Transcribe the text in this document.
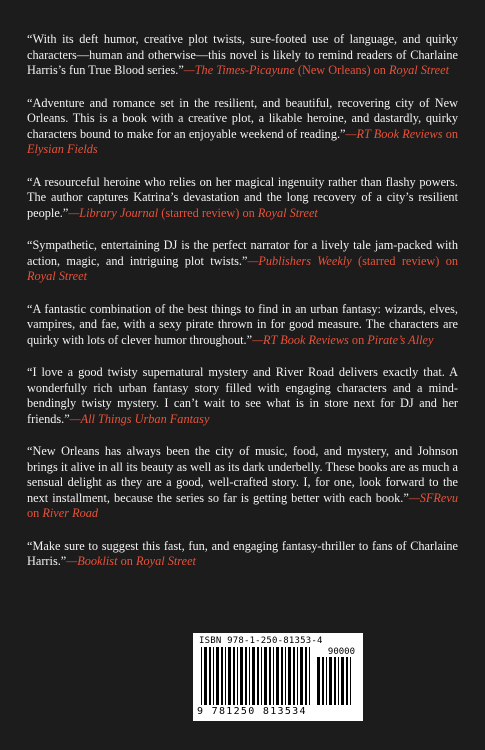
“With its deft humor, creative plot twists, sure-footed use of language, and quirky characters—human and otherwise—this novel is likely to remind readers of Charlaine Harris’s fun True Blood series.”—The Times-Picayune (New Orleans) on Royal Street

“Adventure and romance set in the resilient, and beautiful, recovering city of New Orleans. This is a book with a creative plot, a likable heroine, and dastardly, quirky characters bound to make for an enjoyable weekend of reading.”—RT Book Reviews on Elysian Fields

“A resourceful heroine who relies on her magical ingenuity rather than flashy powers. The author captures Katrina’s devastation and the long recovery of a city’s resilient people.”—Library Journal (starred review) on Royal Street

“Sympathetic, entertaining DJ is the perfect narrator for a lively tale jam-packed with action, magic, and intriguing plot twists.”—Publishers Weekly (starred review) on Royal Street

“A fantastic combination of the best things to find in an urban fantasy: wizards, elves, vampires, and fae, with a sexy pirate thrown in for good measure. The characters are quirky with lots of clever humor throughout.”—RT Book Reviews on Pirate’s Alley

“I love a good twisty supernatural mystery and River Road delivers exactly that. A wonderfully rich urban fantasy story filled with engaging characters and a mind-bendingly twisty mystery. I can’t wait to see what is in store next for DJ and her friends.”—All Things Urban Fantasy

“New Orleans has always been the city of music, food, and mystery, and Johnson brings it alive in all its beauty as well as its dark underbelly. These books are as much a sensual delight as they are a good, well-crafted story. I, for one, look forward to the next installment, because the series so far is getting better with each book.”—SFRevu on River Road

“Make sure to suggest this fast, fun, and engaging fantasy-thriller to fans of Charlaine Harris.”—Booklist on Royal Street

ISBN 978-1-250-81353-4
90000
9 781250 813534
